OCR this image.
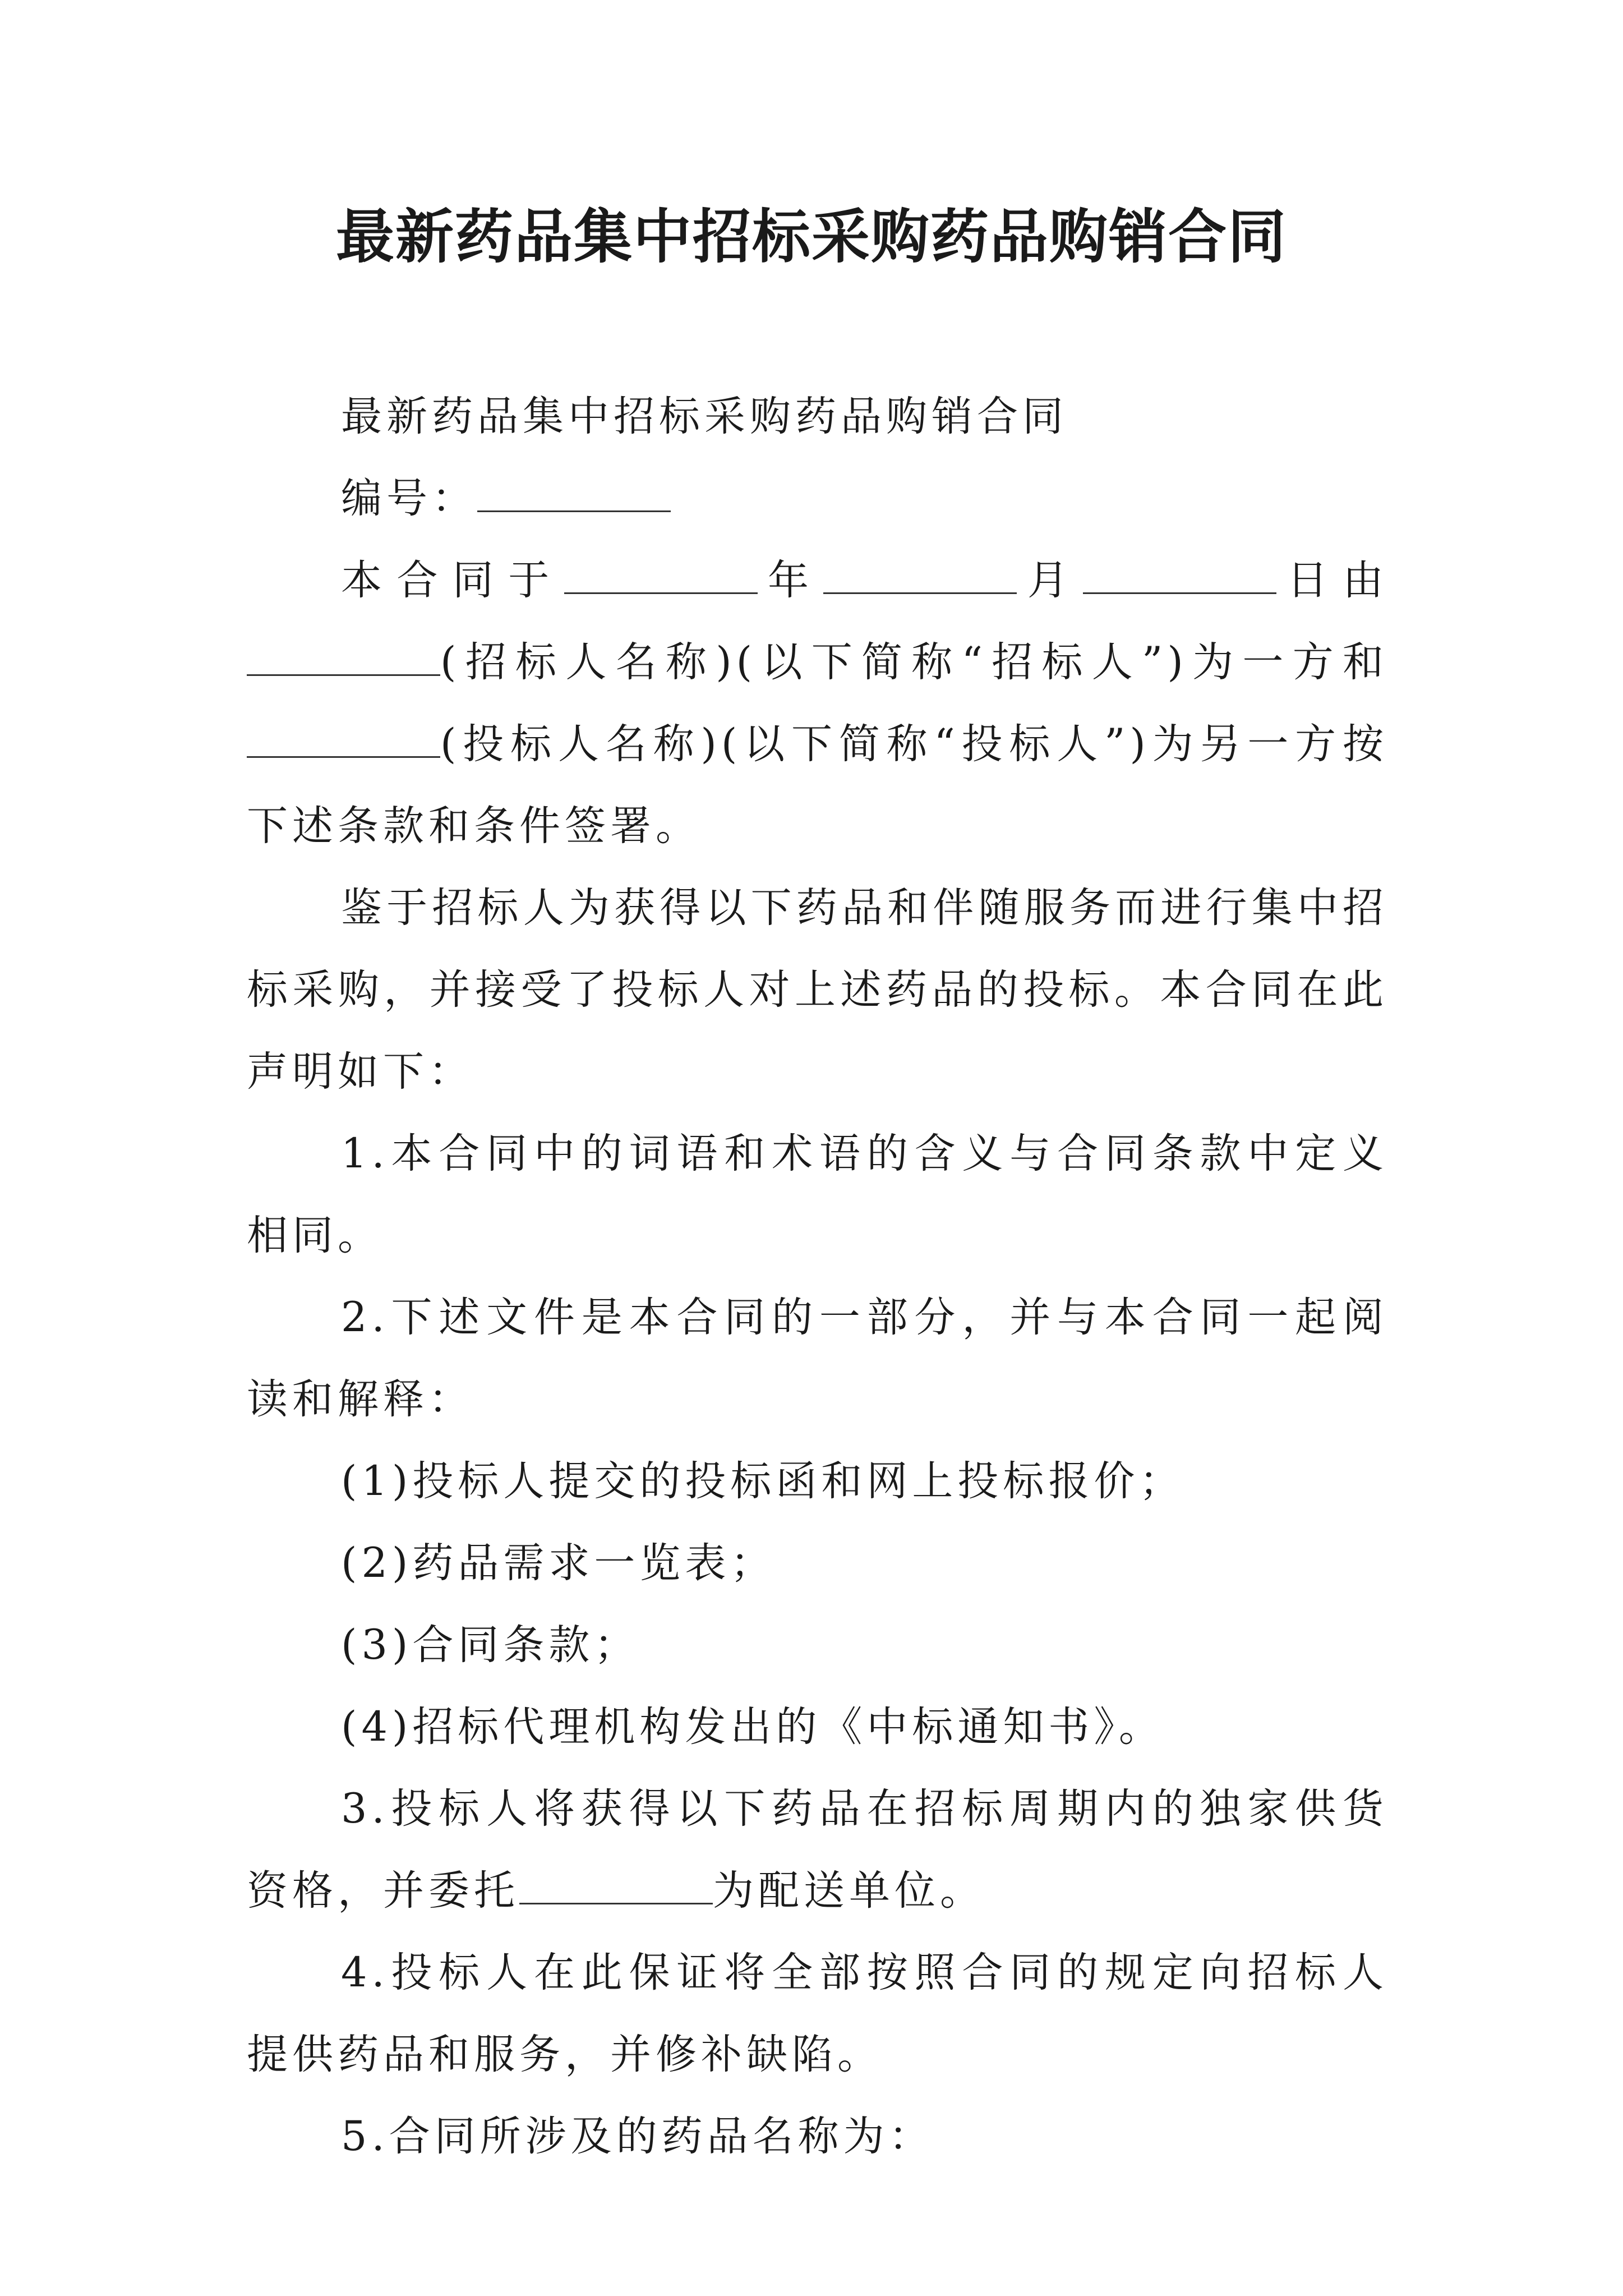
最新药品集中招标采购药品购销合同

最新药品集中招标采购药品购销合同

编号：

本合同于	年	月	日由(招标人名称)(以下简称“招标人”)为一方和(投标人名称)(以下简称“投标人”)为另一方按下述条款和条件签署。

鉴于招标人为获得以下药品和伴随服务而进行集中招标采购，并接受了投标人对上述药品的投标。本合同在此声明如下：

1.本合同中的词语和术语的含义与合同条款中定义相同。

2.下述文件是本合同的一部分，并与本合同一起阅读和解释：

(1)投标人提交的投标函和网上投标报价；

(2)药品需求一览表；

(3)合同条款；

(4)招标代理机构发出的《中标通知书》。

3.投标人将获得以下药品在招标周期内的独家供货资格，并委托	为配送单位。

4.投标人在此保证将全部按照合同的规定向招标人提供药品和服务，并修补缺陷。

5.合同所涉及的药品名称为：
